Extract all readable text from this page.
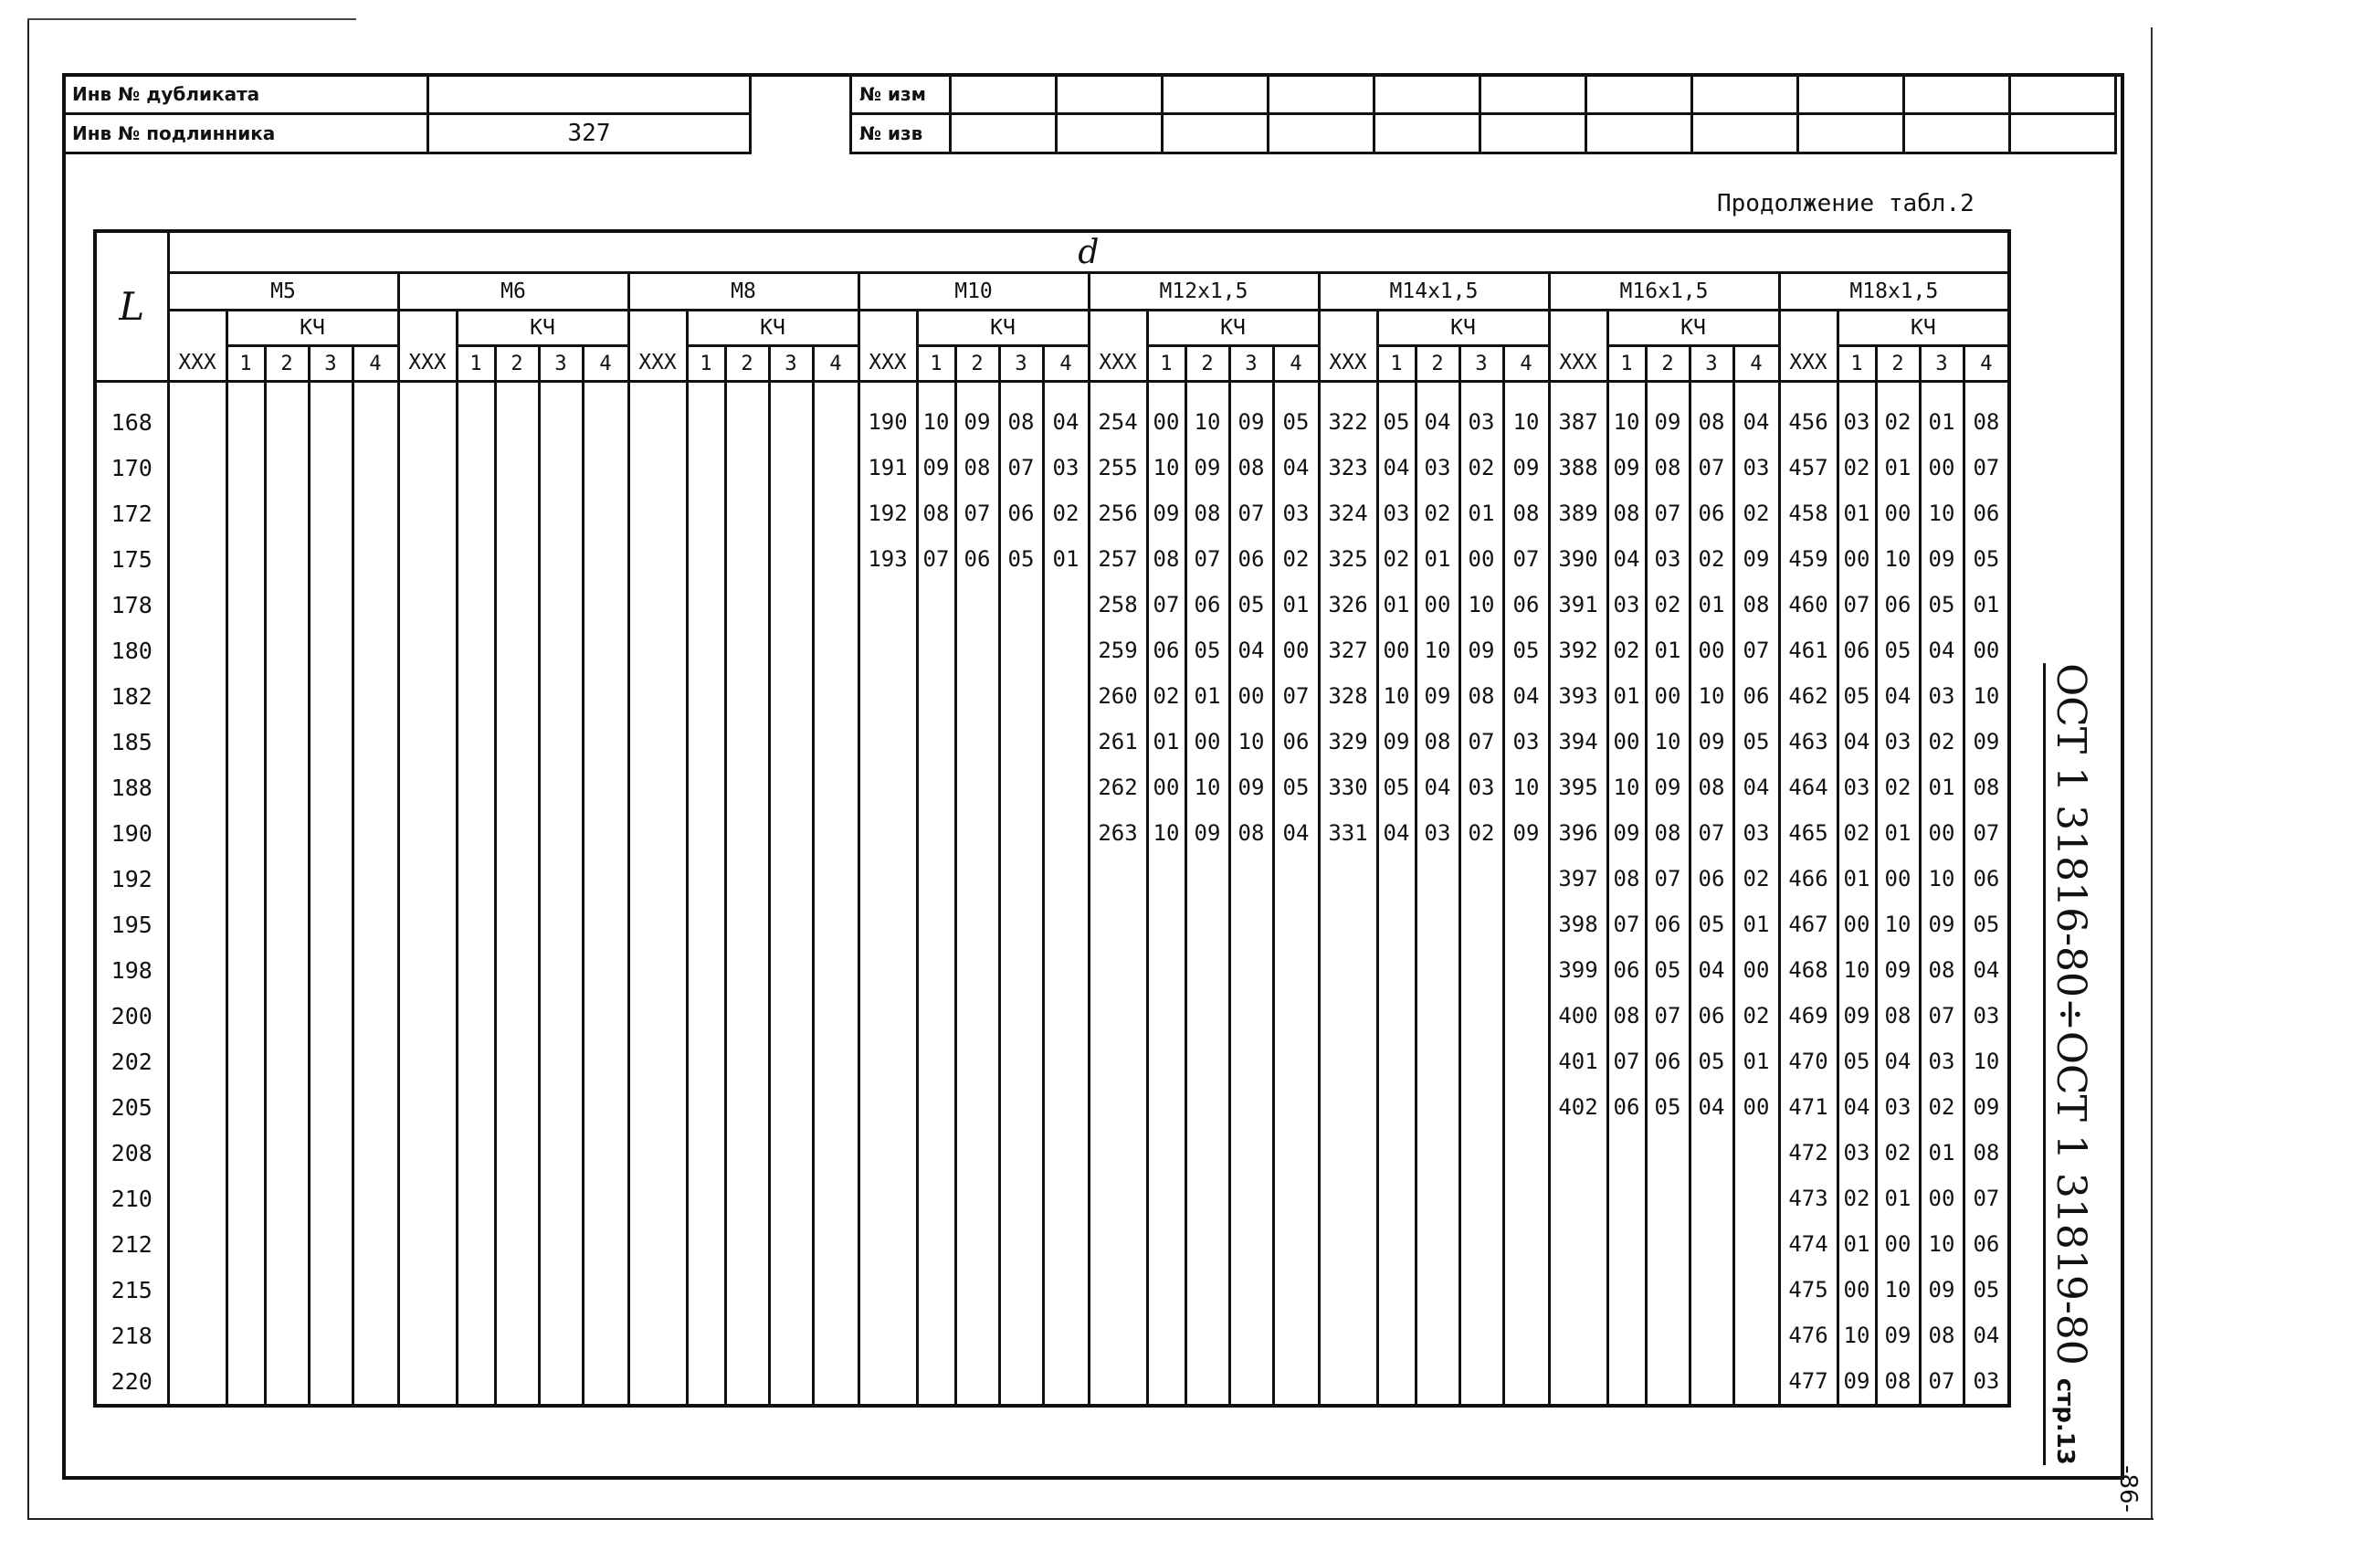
Инв № дубликата	
Инв № подлинника	327
№ изм											
№ изв											
Продолжение табл.2
L	d																																							
	М5					М6					М8					М10					М12х1,5					М14х1,5					М16х1,5					М18х1,5				
	ХХХ	КЧ				ХХХ	КЧ				ХХХ	КЧ				ХХХ	КЧ				ХХХ	КЧ				ХХХ	КЧ				ХХХ	КЧ				ХХХ	КЧ			
		1	2	3	4		1	2	3	4		1	2	3	4		1	2	3	4		1	2	3	4		1	2	3	4		1	2	3	4		1	2	3	4

168																190	10	09	08	04	254	00	10	09	05	322	05	04	03	10	387	10	09	08	04	456	03	02	01	08
170																191	09	08	07	03	255	10	09	08	04	323	04	03	02	09	388	09	08	07	03	457	02	01	00	07
172																192	08	07	06	02	256	09	08	07	03	324	03	02	01	08	389	08	07	06	02	458	01	00	10	06
175																193	07	06	05	01	257	08	07	06	02	325	02	01	00	07	390	04	03	02	09	459	00	10	09	05
178																					258	07	06	05	01	326	01	00	10	06	391	03	02	01	08	460	07	06	05	01
180																					259	06	05	04	00	327	00	10	09	05	392	02	01	00	07	461	06	05	04	00
182																					260	02	01	00	07	328	10	09	08	04	393	01	00	10	06	462	05	04	03	10
185																					261	01	00	10	06	329	09	08	07	03	394	00	10	09	05	463	04	03	02	09
188																					262	00	10	09	05	330	05	04	03	10	395	10	09	08	04	464	03	02	01	08
190																					263	10	09	08	04	331	04	03	02	09	396	09	08	07	03	465	02	01	00	07
192																															397	08	07	06	02	466	01	00	10	06
195																															398	07	06	05	01	467	00	10	09	05
198																															399	06	05	04	00	468	10	09	08	04
200																															400	08	07	06	02	469	09	08	07	03
202																															401	07	06	05	01	470	05	04	03	10
205																															402	06	05	04	00	471	04	03	02	09
208																																				472	03	02	01	08
210																																				473	02	01	00	07
212																																				474	01	00	10	06
215																																				475	00	10	09	05
218																																				476	10	09	08	04
220																																				477	09	08	07	03

ОСТ 1 31816-80÷ОСТ 1 31819-80 стр.13
-86-
